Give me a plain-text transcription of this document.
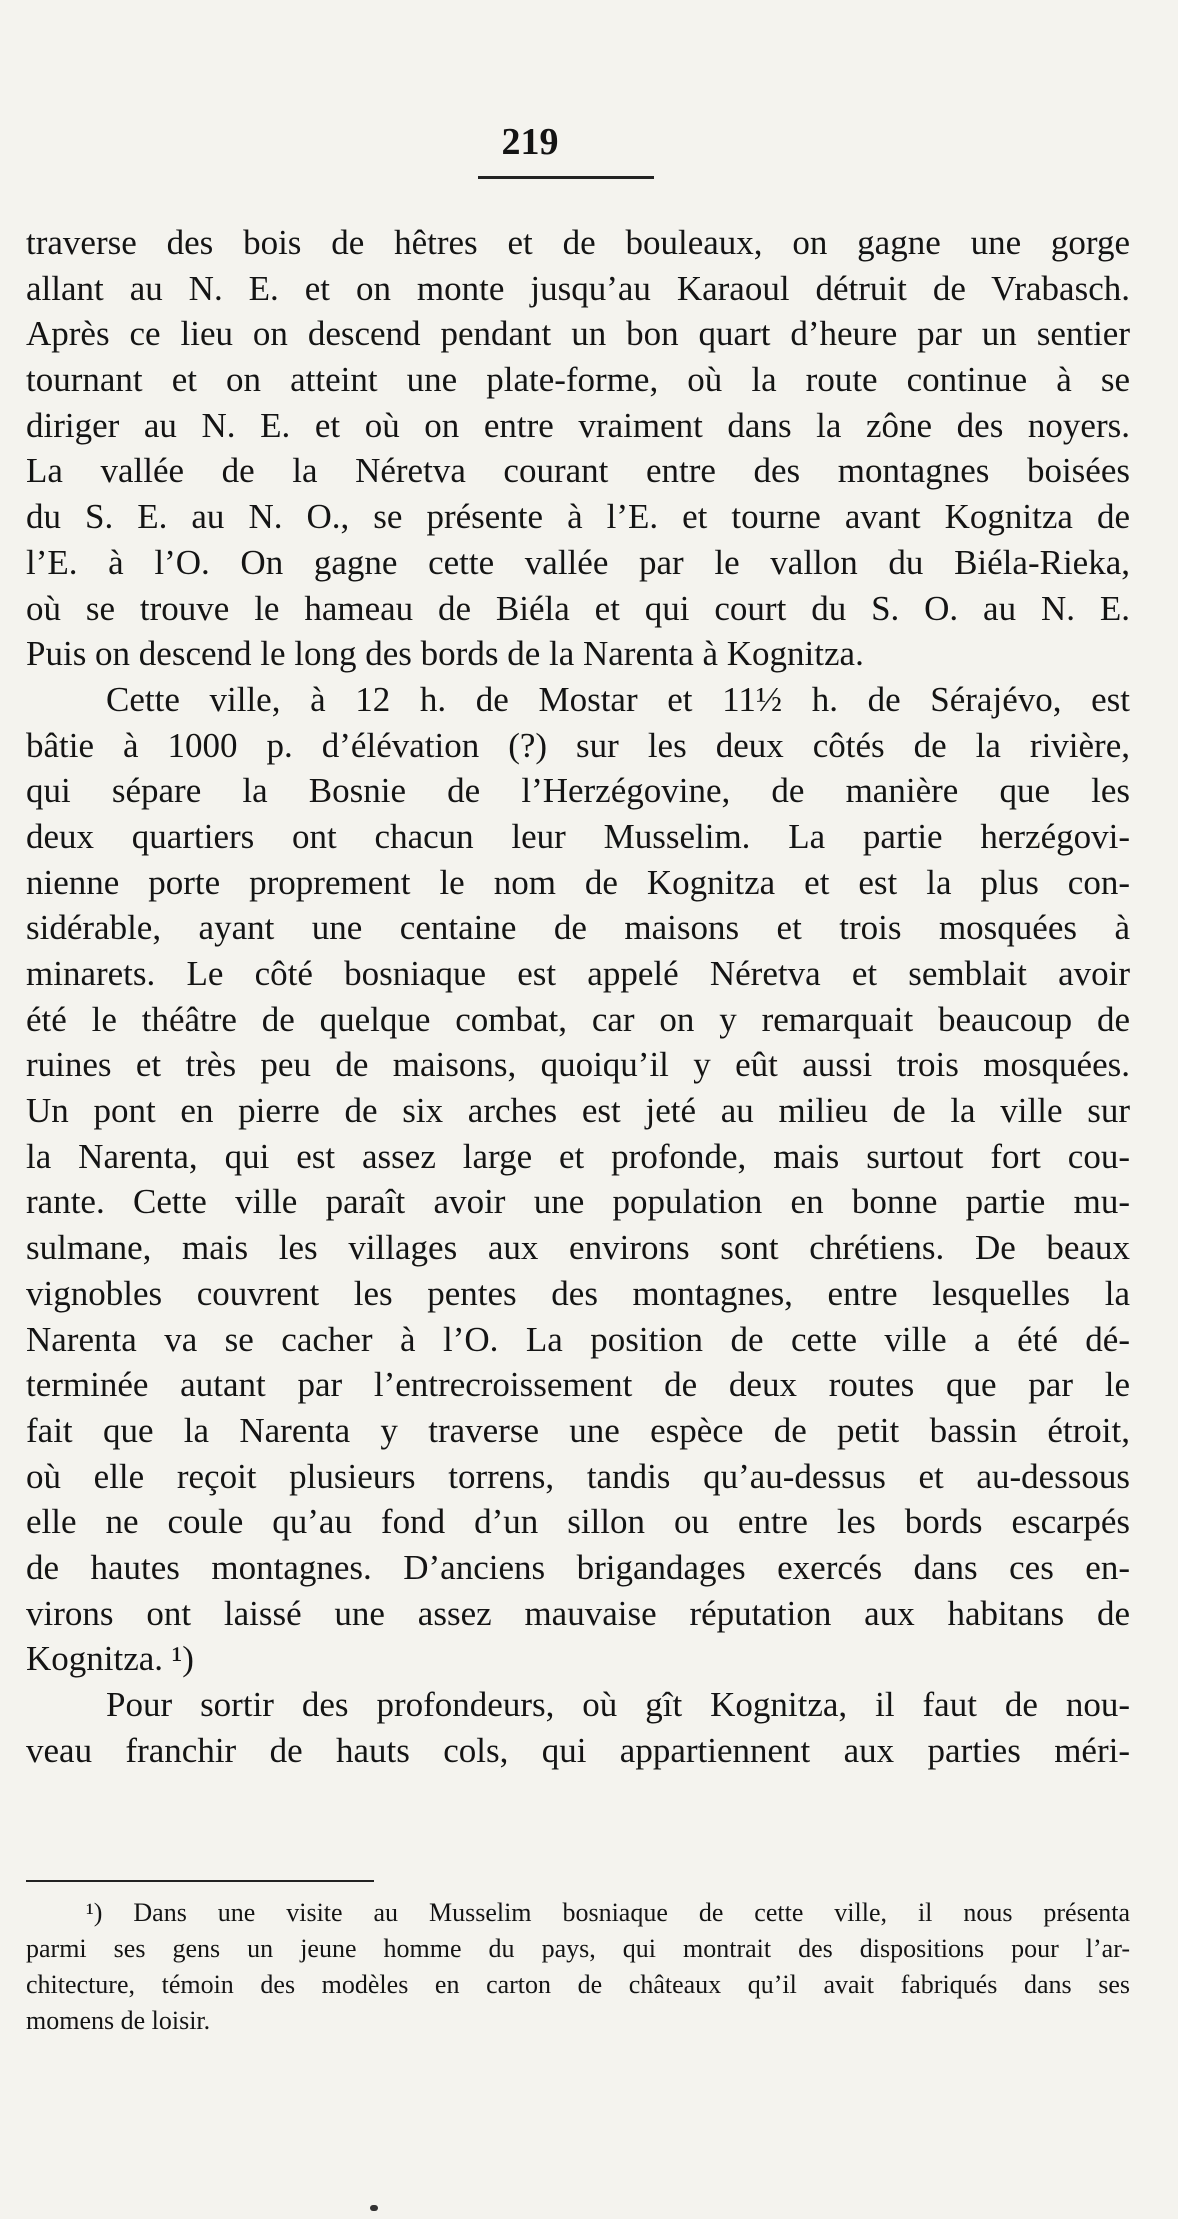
219
traverse des bois de hêtres et de bouleaux, on gagne une gorge
allant au N. E. et on monte jusqu’au Karaoul détruit de Vrabasch.
Après ce lieu on descend pendant un bon quart d’heure par un sentier
tournant et on atteint une plate-forme, où la route continue à se
diriger au N. E. et où on entre vraiment dans la zône des noyers.
La vallée de la Néretva courant entre des montagnes boisées
du S. E. au N. O., se présente à l’E. et tourne avant Kognitza de
l’E. à l’O. On gagne cette vallée par le vallon du Biéla-Rieka,
où se trouve le hameau de Biéla et qui court du S. O. au N. E.
Puis on descend le long des bords de la Narenta à Kognitza.
Cette ville, à 12 h. de Mostar et 11½ h. de Sérajévo, est
bâtie à 1000 p. d’élévation (?) sur les deux côtés de la rivière,
qui sépare la Bosnie de l’Herzégovine, de manière que les
deux quartiers ont chacun leur Musselim. La partie herzégovi-
nienne porte proprement le nom de Kognitza et est la plus con-
sidérable, ayant une centaine de maisons et trois mosquées à
minarets. Le côté bosniaque est appelé Néretva et semblait avoir
été le théâtre de quelque combat, car on y remarquait beaucoup de
ruines et très peu de maisons, quoiqu’il y eût aussi trois mosquées.
Un pont en pierre de six arches est jeté au milieu de la ville sur
la Narenta, qui est assez large et profonde, mais surtout fort cou-
rante. Cette ville paraît avoir une population en bonne partie mu-
sulmane, mais les villages aux environs sont chrétiens. De beaux
vignobles couvrent les pentes des montagnes, entre lesquelles la
Narenta va se cacher à l’O. La position de cette ville a été dé-
terminée autant par l’entrecroissement de deux routes que par le
fait que la Narenta y traverse une espèce de petit bassin étroit,
où elle reçoit plusieurs torrens, tandis qu’au-dessus et au-dessous
elle ne coule qu’au fond d’un sillon ou entre les bords escarpés
de hautes montagnes. D’anciens brigandages exercés dans ces en-
virons ont laissé une assez mauvaise réputation aux habitans de
Kognitza. ¹)
Pour sortir des profondeurs, où gît Kognitza, il faut de nou-
veau franchir de hauts cols, qui appartiennent aux parties méri-
¹) Dans une visite au Musselim bosniaque de cette ville, il nous présenta
parmi ses gens un jeune homme du pays, qui montrait des dispositions pour l’ar-
chitecture, témoin des modèles en carton de châteaux qu’il avait fabriqués dans ses
momens de loisir.
